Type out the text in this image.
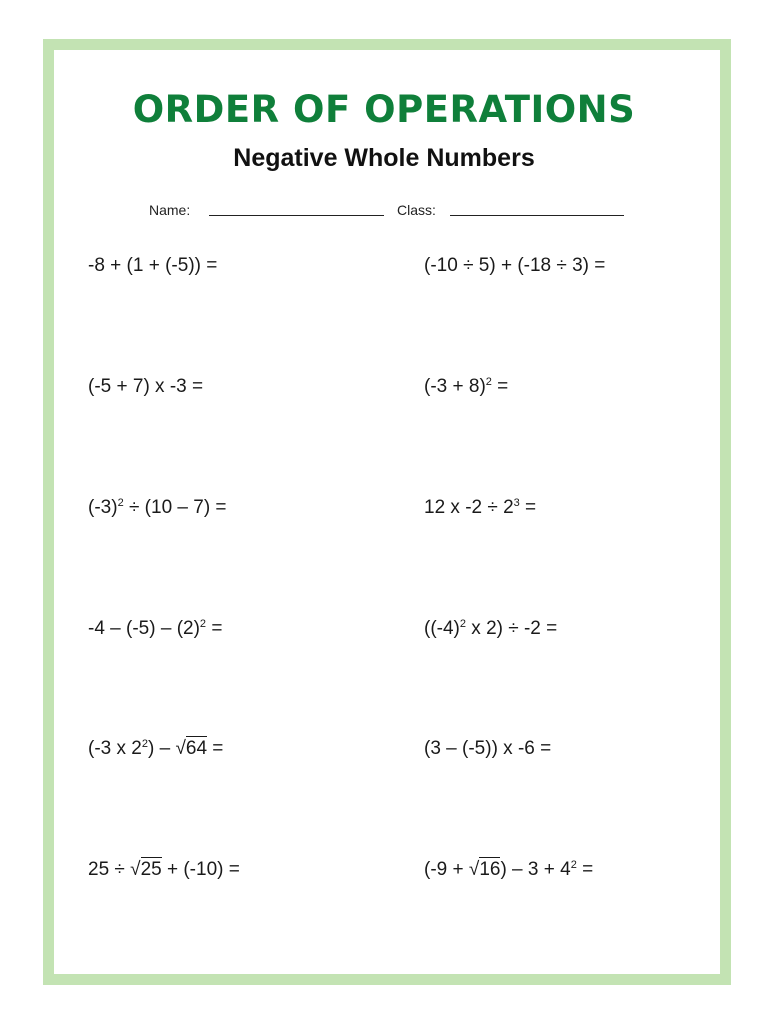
ORDER OF OPERATIONS
Negative Whole Numbers
Name:	Class:
-8 + (1 + (-5)) =	(-10 ÷ 5) + (-18 ÷ 3) =
(-5 + 7) x -3 =	$(-3 + 8)^2$ =
$(-3)^2 \div (10 - 7)$ =	12 x $-2 \div 2^3$ =
$-4 - (-5) - (2)^2$ =	($(-4)^2$ x 2) ÷ -2 =
(-3 x $2^2) - √64$ =	(3 – (-5)) x -6 =
25 ÷ √25 + (-10) =	$(-9 + √16) - 3 + 4^2$ =
